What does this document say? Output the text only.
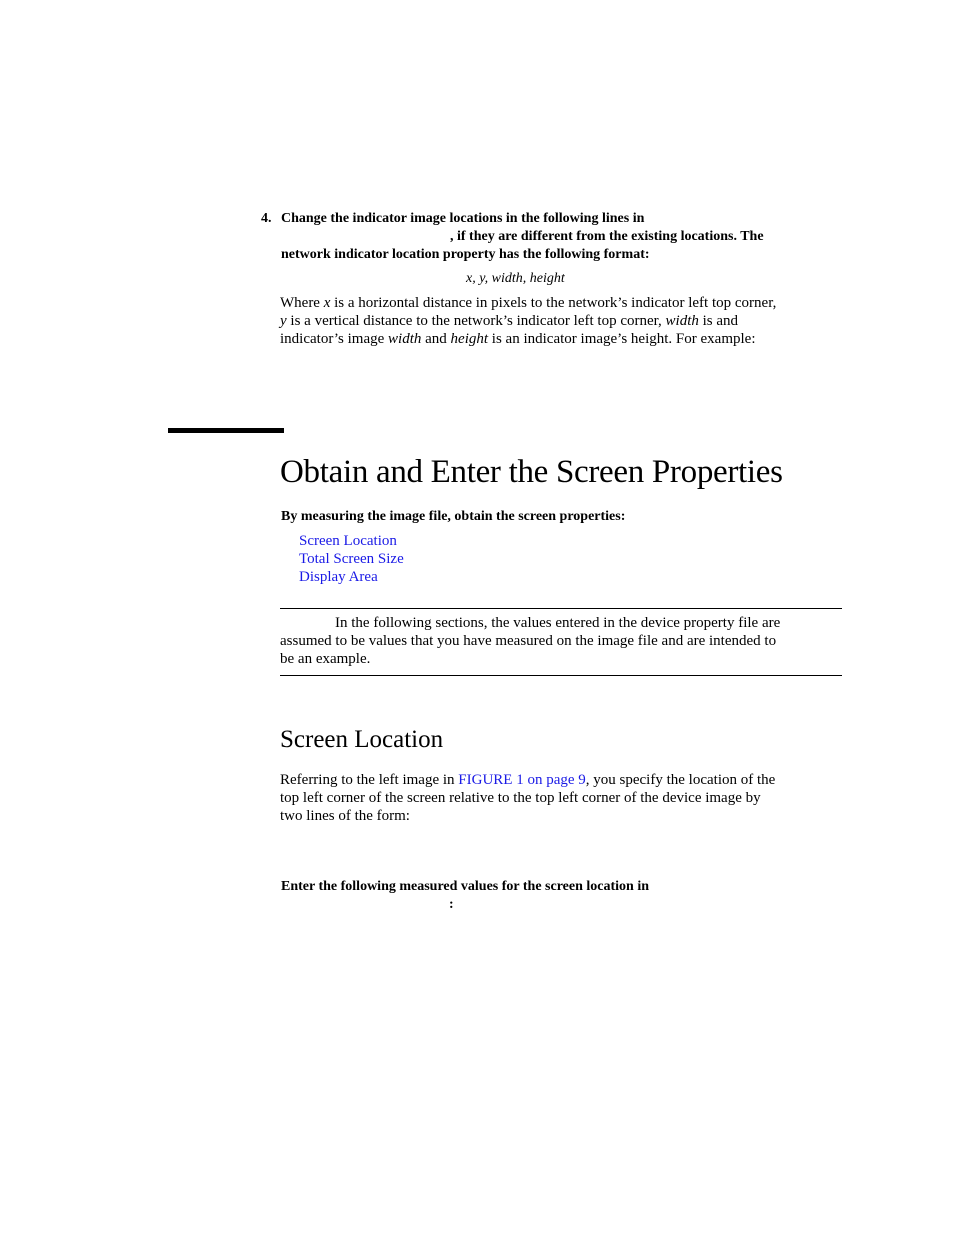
4. Change the indicator image locations in the following lines in
, if they are different from the existing locations. The
network indicator location property has the following format:
x, y, width, height
Where x is a horizontal distance in pixels to the network’s indicator left top corner,
y is a vertical distance to the network’s indicator left top corner, width is and
indicator’s image width and height is an indicator image’s height. For example:
Obtain and Enter the Screen Properties
By measuring the image file, obtain the screen properties:
Screen Location
Total Screen Size
Display Area
In the following sections, the values entered in the device property file are
assumed to be values that you have measured on the image file and are intended to
be an example.
Screen Location
Referring to the left image in FIGURE 1 on page 9, you specify the location of the
top left corner of the screen relative to the top left corner of the device image by
two lines of the form:
Enter the following measured values for the screen location in
:
